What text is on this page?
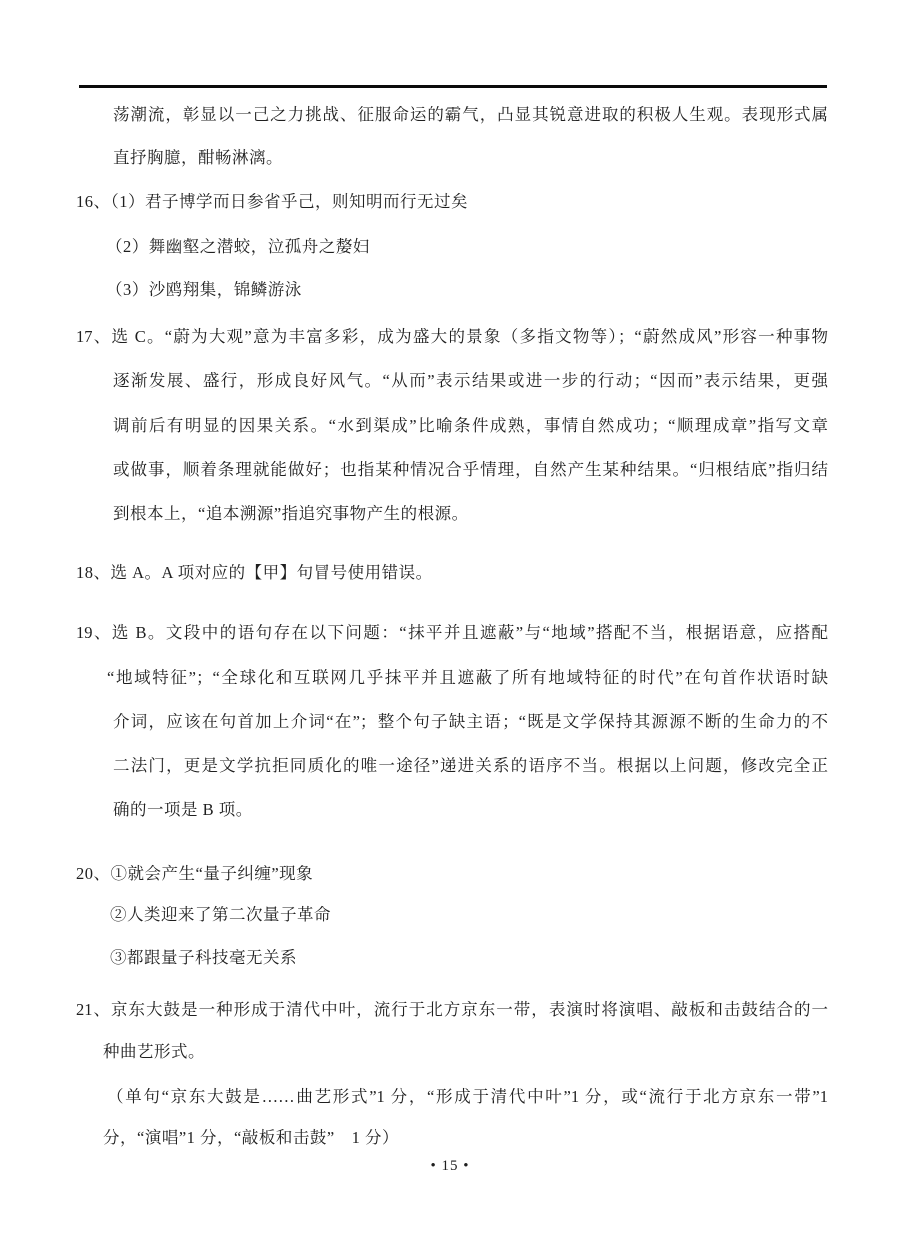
荡潮流，彰显以一己之力挑战、征服命运的霸气，凸显其锐意进取的积极人生观。表现形式属
直抒胸臆，酣畅淋漓。
16、（1）君子博学而日参省乎己，则知明而行无过矣
（2）舞幽壑之潜蛟，泣孤舟之嫠妇
（3）沙鸥翔集，锦鳞游泳
17、选 C。“蔚为大观”意为丰富多彩，成为盛大的景象（多指文物等）；“蔚然成风”形容一种事物
逐渐发展、盛行，形成良好风气。“从而”表示结果或进一步的行动；“因而”表示结果，更强
调前后有明显的因果关系。“水到渠成”比喻条件成熟，事情自然成功；“顺理成章”指写文章
或做事，顺着条理就能做好；也指某种情况合乎情理，自然产生某种结果。“归根结底”指归结
到根本上，“追本溯源”指追究事物产生的根源。
18、选 A。A 项对应的【甲】句冒号使用错误。
19、选 B。文段中的语句存在以下问题：“抹平并且遮蔽”与“地域”搭配不当，根据语意，应搭配
“地域特征”；“全球化和互联网几乎抹平并且遮蔽了所有地域特征的时代”在句首作状语时缺
介词，应该在句首加上介词“在”；整个句子缺主语；“既是文学保持其源源不断的生命力的不
二法门，更是文学抗拒同质化的唯一途径”递进关系的语序不当。根据以上问题，修改完全正
确的一项是 B 项。
20、①就会产生“量子纠缠”现象
②人类迎来了第二次量子革命
③都跟量子科技毫无关系
21、京东大鼓是一种形成于清代中叶，流行于北方京东一带，表演时将演唱、敲板和击鼓结合的一
种曲艺形式。
（单句“京东大鼓是……曲艺形式”1 分，“形成于清代中叶”1 分，或“流行于北方京东一带”1
分，“演唱”1 分，“敲板和击鼓”　1 分）
• 15 •
